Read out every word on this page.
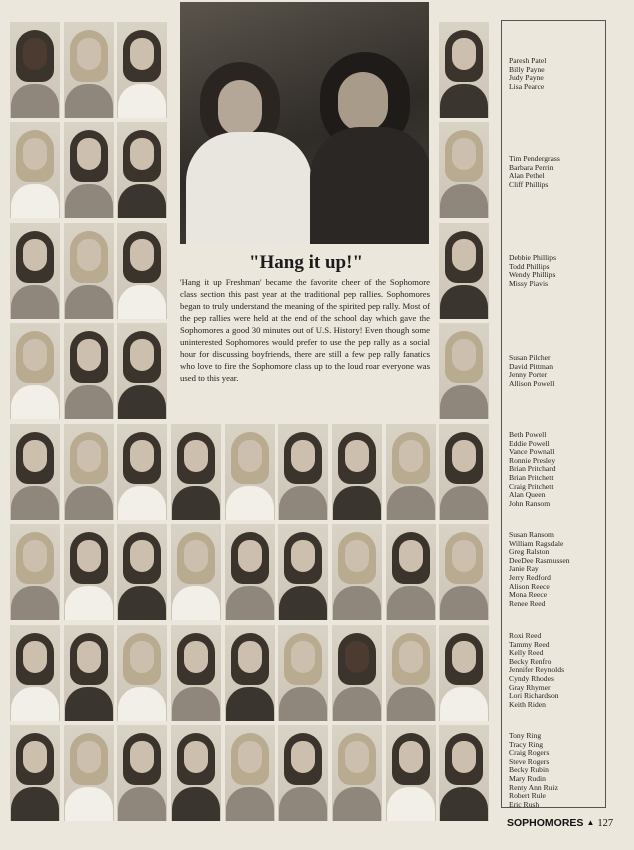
"Hang it up!"
'Hang it up Freshman' became the favorite cheer of the Sophomore class section this past year at the traditional pep rallies. Sophomores began to truly understand the meaning of the spirited pep rally. Most of the pep rallies were held at the end of the school day which gave the Sophomores a good 30 minutes out of U.S. History! Even though some uninterested Sophomores would prefer to use the pep rally as a social hour for discussing boyfriends, there are still a few pep rally fanatics who love to fire the Sophomore class up to the loud roar everyone was used to this year.
Paresh Patel
Billy Payne
Judy Payne
Lisa Pearce
Tim Pendergrass
Barbara Perrin
Alan Pethel
Cliff Phillips
Debbie Phillips
Todd Phillips
Wendy Phillips
Missy Piavis
Susan Pilcher
David Pittman
Jenny Porter
Allison Powell
Beth Powell
Eddie Powell
Vance Pownall
Ronnie Presley
Brian Pritchard
Brian Pritchett
Craig Pritchett
Alan Queen
John Ransom
Susan Ransom
William Ragsdale
Greg Ralston
DeeDee Rasmussen
Janie Ray
Jerry Redford
Alison Reece
Mona Reece
Renee Reed
Roxi Reed
Tammy Reed
Kelly Reed
Becky Renfro
Jennifer Reynolds
Cyndy Rhodes
Gray Rhymer
Lori Richardson
Keith Riden
Tony Ring
Tracy Ring
Craig Rogers
Steve Rogers
Becky Rubin
Mary Rudin
Renty Ann Ruiz
Robert Rule
Eric Rush
SOPHOMORES ▲ 127
